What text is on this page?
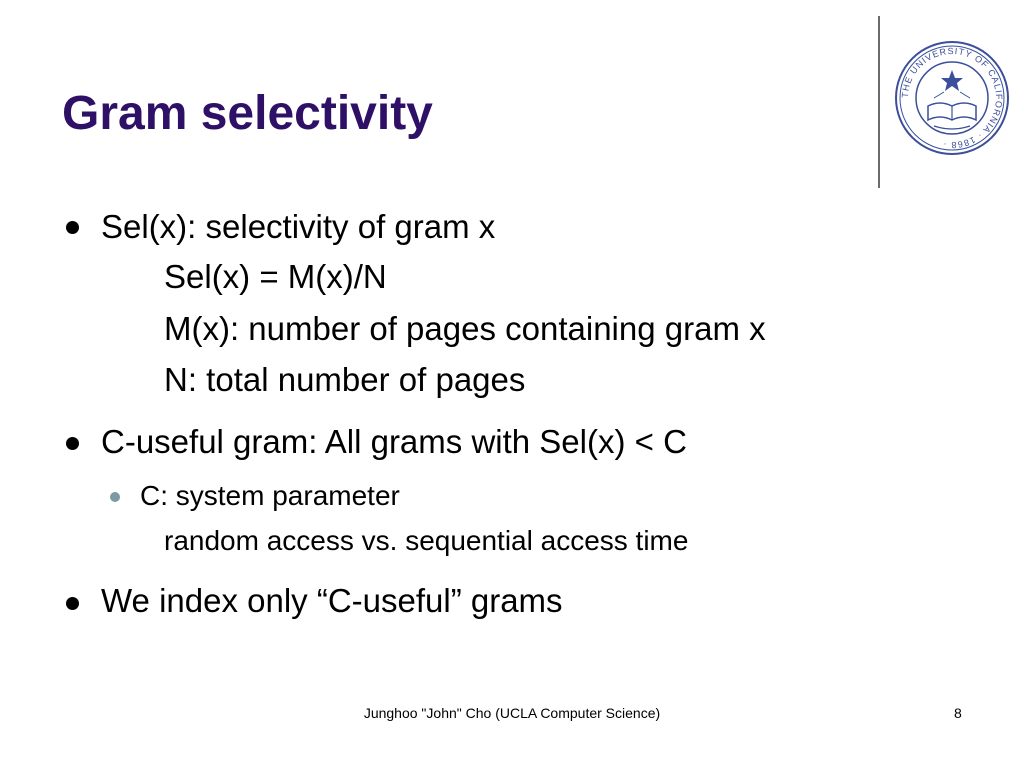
Gram selectivity	THE UNIVERSITY OF CALIFORNIA · 1868 ·
Sel(x): selectivity of gram x
Sel(x) = M(x)/N
M(x): number of pages containing gram x
N: total number of pages
C-useful gram: All grams with Sel(x) < C
C: system parameter
random access vs. sequential access time
We index only “C-useful” grams
Junghoo "John" Cho (UCLA Computer Science)	8
